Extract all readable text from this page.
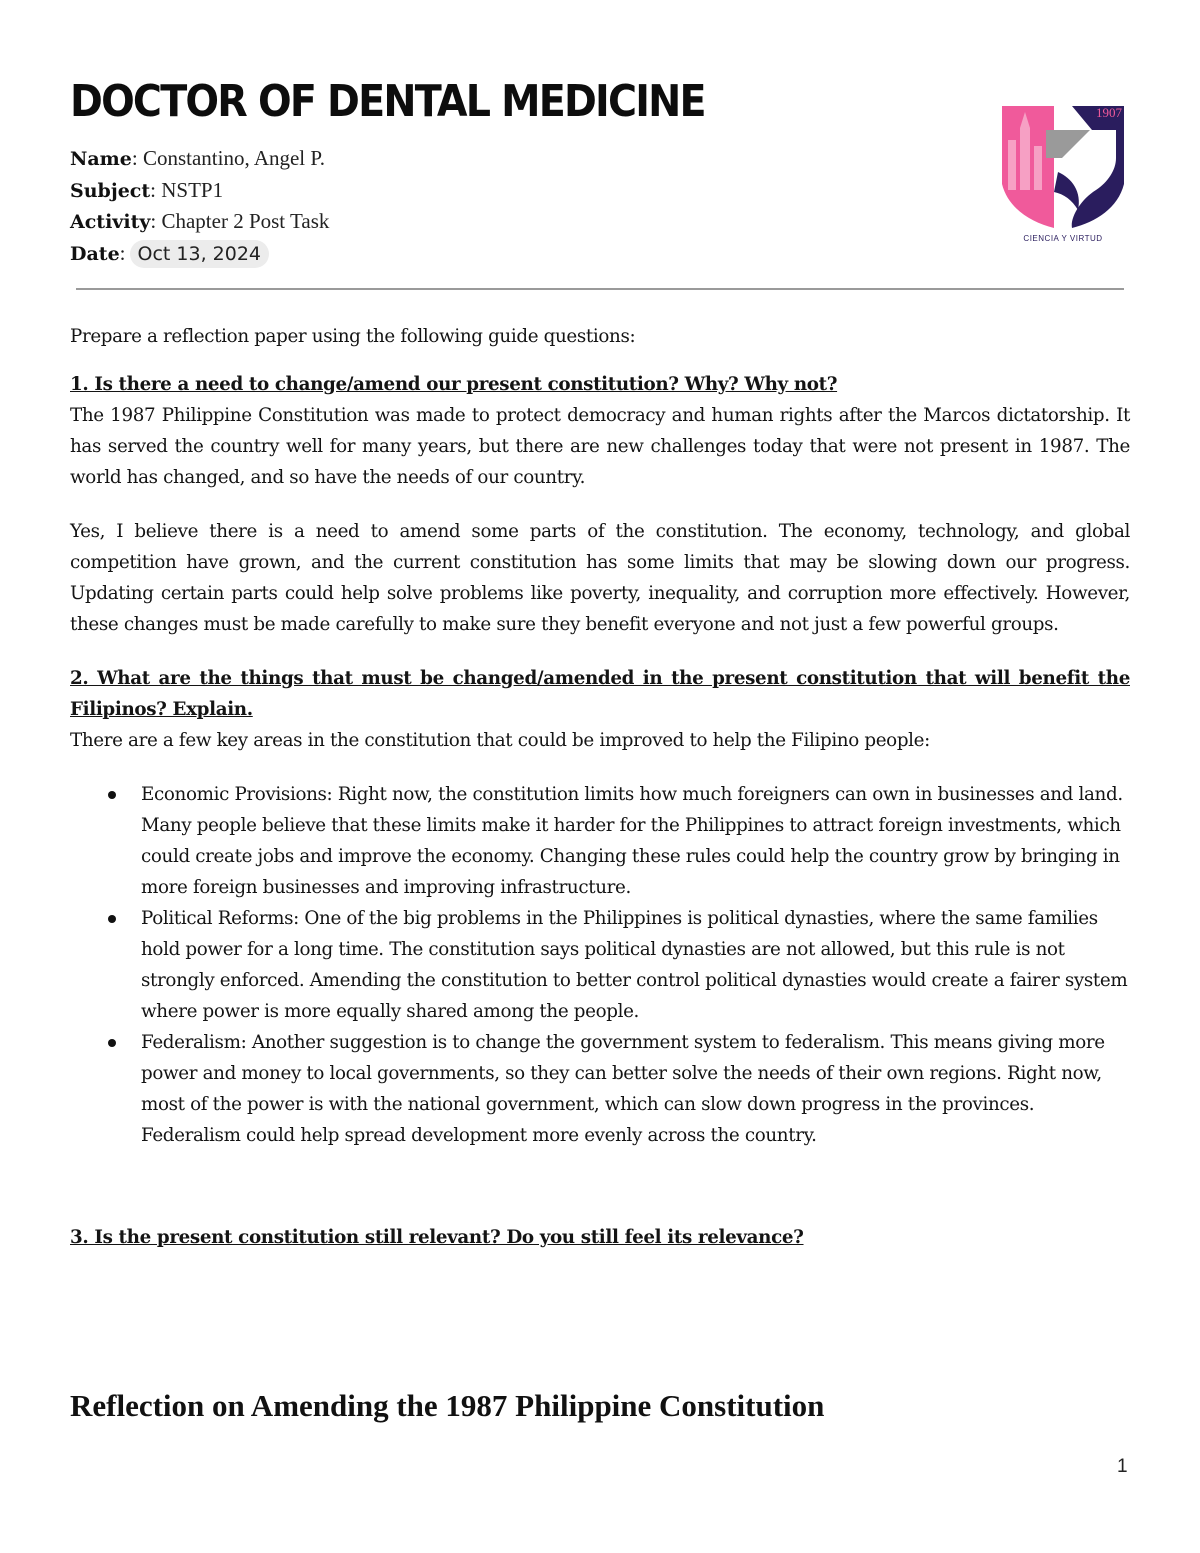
DOCTOR OF DENTAL MEDICINE
Name: Constantino, Angel P.
Subject: NSTP1
Activity: Chapter 2 Post Task
Date: Oct 13, 2024
1907
CIENCIA Y VIRTUD

Prepare a reflection paper using the following guide questions:

1. Is there a need to change/amend our present constitution? Why? Why not?

The 1987 Philippine Constitution was made to protect democracy and human rights after the Marcos dictatorship. It has served the country well for many years, but there are new challenges today that were not present in 1987. The world has changed, and so have the needs of our country.

Yes, I believe there is a need to amend some parts of the constitution. The economy, technology, and global competition have grown, and the current constitution has some limits that may be slowing down our progress. Updating certain parts could help solve problems like poverty, inequality, and corruption more effectively. However, these changes must be made carefully to make sure they benefit everyone and not just a few powerful groups.

2. What are the things that must be changed/amended in the present constitution that will benefit the Filipinos? Explain.

There are a few key areas in the constitution that could be improved to help the Filipino people:

Economic Provisions: Right now, the constitution limits how much foreigners can own in businesses and land. Many people believe that these limits make it harder for the Philippines to attract foreign investments, which could create jobs and improve the economy. Changing these rules could help the country grow by bringing in more foreign businesses and improving infrastructure.
Political Reforms: One of the big problems in the Philippines is political dynasties, where the same families hold power for a long time. The constitution says political dynasties are not allowed, but this rule is not strongly enforced. Amending the constitution to better control political dynasties would create a fairer system where power is more equally shared among the people.
Federalism: Another suggestion is to change the government system to federalism. This means giving more power and money to local governments, so they can better solve the needs of their own regions. Right now, most of the power is with the national government, which can slow down progress in the provinces. Federalism could help spread development more evenly across the country.

3. Is the present constitution still relevant? Do you still feel its relevance?

Reflection on Amending the 1987 Philippine Constitution
1
